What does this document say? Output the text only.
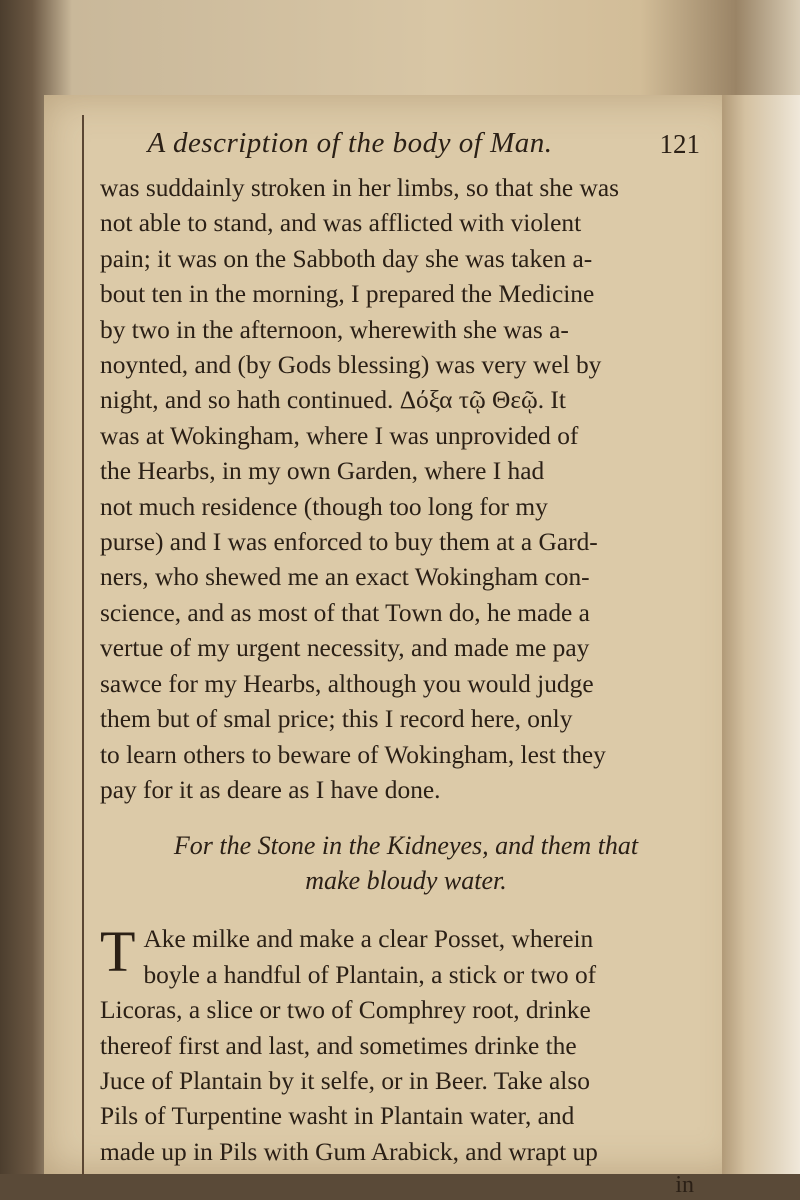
A description of the body of Man.	121
was suddainly stroken in her limbs, so that she was
not able to stand, and was afflicted with violent
pain; it was on the Sabboth day she was taken a-
bout ten in the morning, I prepared the Medicine
by two in the afternoon, wherewith she was a-
noynted, and (by Gods blessing) was very wel by
night, and so hath continued. Δόξα τῷ Θεῷ. It
was at Wokingham, where I was unprovided of
the Hearbs, in my own Garden, where I had
not much residence (though too long for my
purse) and I was enforced to buy them at a Gard-
ners, who shewed me an exact Wokingham con-
science, and as most of that Town do, he made a
vertue of my urgent necessity, and made me pay
sawce for my Hearbs, although you would judge
them but of smal price; this I record here, only
to learn others to beware of Wokingham, lest they
pay for it as deare as I have done.
For the Stone in the Kidneyes, and them that
make bloudy water.
T Ake milke and make a clear Posset, wherein
boyle a handful of Plantain, a stick or two of
Licoras, a slice or two of Comphrey root, drinke
thereof first and last, and sometimes drinke the
Juce of Plantain by it selfe, or in Beer. Take also
Pils of Turpentine washt in Plantain water, and
made up in Pils with Gum Arabick, and wrapt up
in
